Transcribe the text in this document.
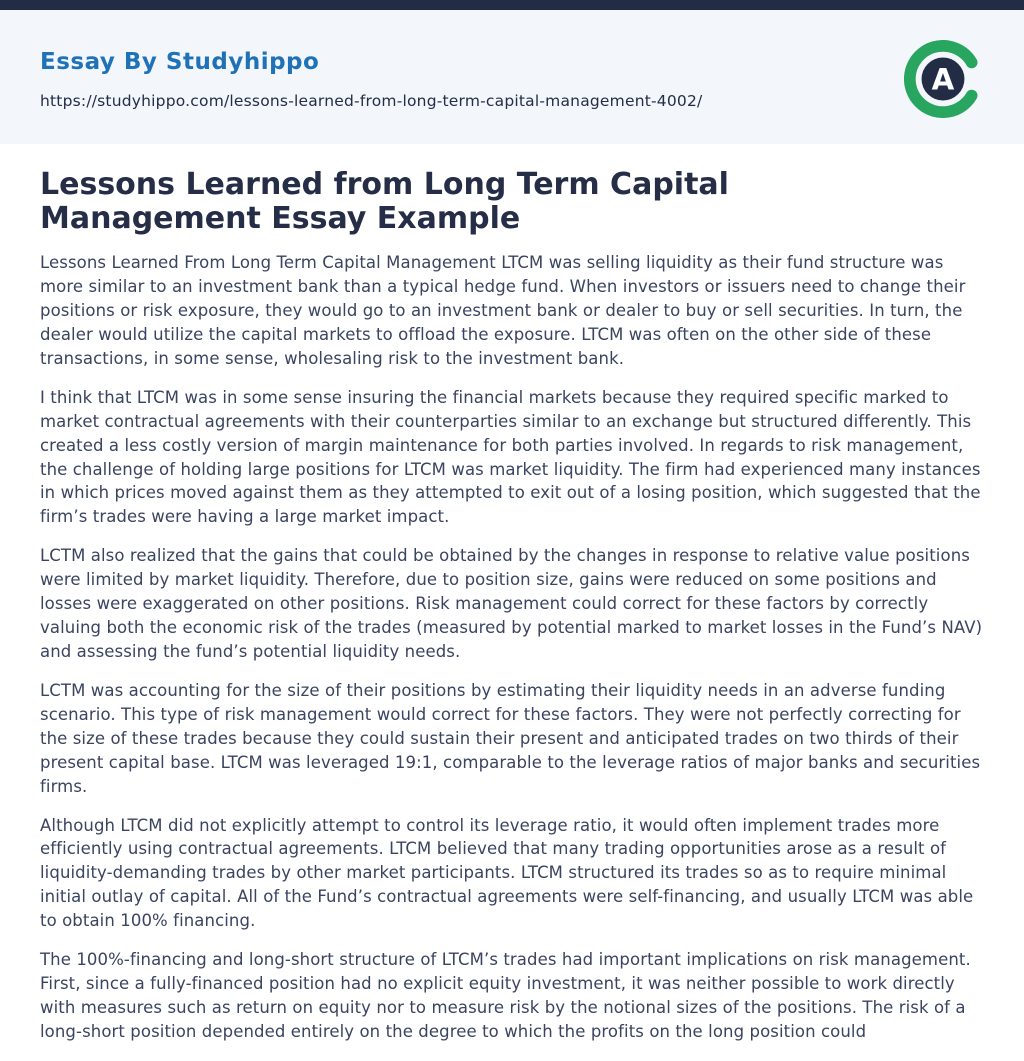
Essay By Studyhippo
https://studyhippo.com/lessons-learned-from-long-term-capital-management-4002/
A
Lessons Learned from Long Term Capital Management Essay Example

Lessons Learned From Long Term Capital Management LTCM was selling liquidity as their fund structure was more similar to an investment bank than a typical hedge fund. When investors or issuers need to change their positions or risk exposure, they would go to an investment bank or dealer to buy or sell securities. In turn, the dealer would utilize the capital markets to offload the exposure. LTCM was often on the other side of these transactions, in some sense, wholesaling risk to the investment bank.

I think that LTCM was in some sense insuring the financial markets because they required specific marked to market contractual agreements with their counterparties similar to an exchange but structured differently. This created a less costly version of margin maintenance for both parties involved. In regards to risk management, the challenge of holding large positions for LTCM was market liquidity. The firm had experienced many instances in which prices moved against them as they attempted to exit out of a losing position, which suggested that the firm’s trades were having a large market impact.

LCTM also realized that the gains that could be obtained by the changes in response to relative value positions were limited by market liquidity. Therefore, due to position size, gains were reduced on some positions and losses were exaggerated on other positions. Risk management could correct for these factors by correctly valuing both the economic risk of the trades (measured by potential marked to market losses in the Fund’s NAV) and assessing the fund’s potential liquidity needs.

LCTM was accounting for the size of their positions by estimating their liquidity needs in an adverse funding scenario. This type of risk management would correct for these factors. They were not perfectly correcting for the size of these trades because they could sustain their present and anticipated trades on two thirds of their present capital base. LTCM was leveraged 19:1, comparable to the leverage ratios of major banks and securities firms.

Although LTCM did not explicitly attempt to control its leverage ratio, it would often implement trades more efficiently using contractual agreements. LTCM believed that many trading opportunities arose as a result of liquidity-demanding trades by other market participants. LTCM structured its trades so as to require minimal initial outlay of capital. All of the Fund’s contractual agreements were self-financing, and usually LTCM was able to obtain 100% financing.

The 100%-financing and long-short structure of LTCM’s trades had important implications on risk management. First, since a fully-financed position had no explicit equity investment, it was neither possible to work directly with measures such as return on equity nor to measure risk by the notional sizes of the positions. The risk of a long-short position depended entirely on the degree to which the profits on the long position could
